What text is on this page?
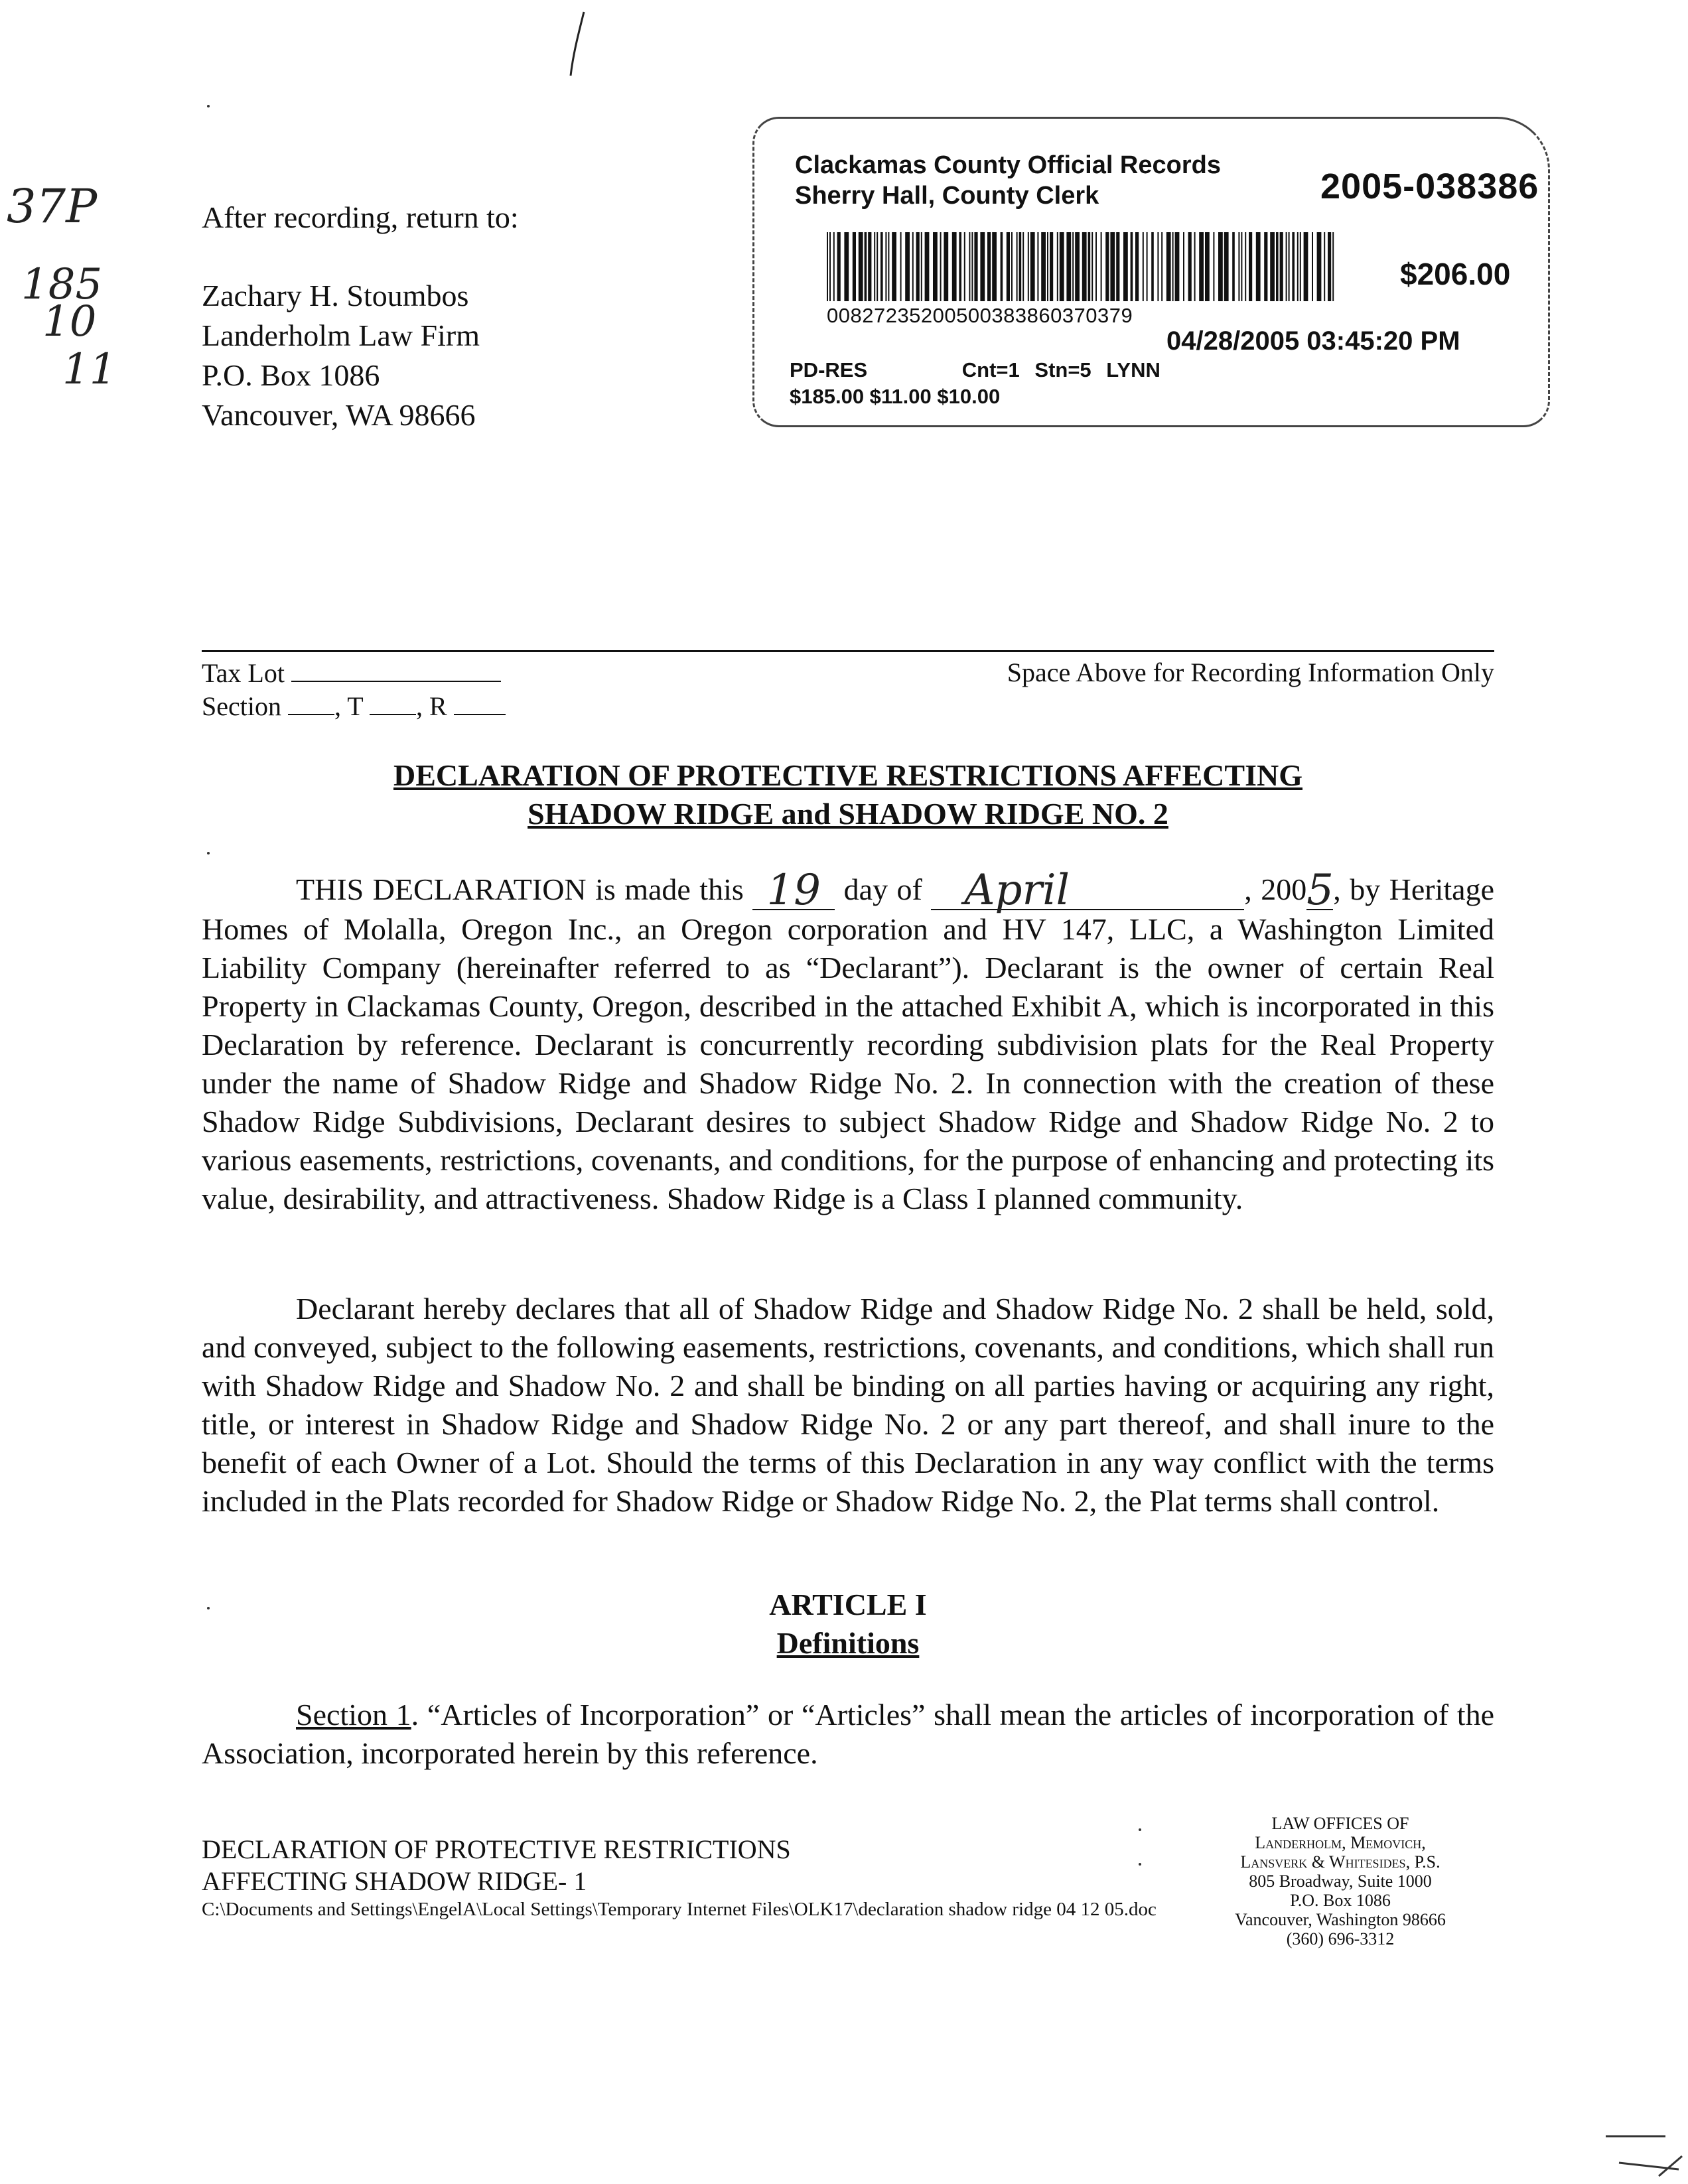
37P
185
10
11
After recording, return to:
Zachary H. Stoumbos
Landerholm Law Firm
P.O. Box 1086
Vancouver, WA 98666
Clackamas County Official Records
Sherry Hall, County Clerk	2005-038386
$206.00
00827235200500383860370379
04/28/2005 03:45:20 PM
PD-RES	Cnt=1 Stn=5 LYNN
$185.00 $11.00 $10.00
Tax Lot
Section , T , R
Space Above for Recording Information Only
DECLARATION OF PROTECTIVE RESTRICTIONS AFFECTING
SHADOW RIDGE and SHADOW RIDGE NO. 2

THIS DECLARATION is made this 19 day of April	, 200 5 , by Heritage Homes of Molalla, Oregon Inc., an Oregon corporation and HV 147, LLC, a Washington Limited Liability Company (hereinafter referred to as “Declarant”). Declarant is the owner of certain Real Property in Clackamas County, Oregon, described in the attached Exhibit A, which is incorporated in this Declaration by reference. Declarant is concurrently recording subdivision plats for the Real Property under the name of Shadow Ridge and Shadow Ridge No. 2. In connection with the creation of these Shadow Ridge Subdivisions, Declarant desires to subject Shadow Ridge and Shadow Ridge No. 2 to various easements, restrictions, covenants, and conditions, for the purpose of enhancing and protecting its value, desirability, and attractiveness. Shadow Ridge is a Class I planned community.

Declarant hereby declares that all of Shadow Ridge and Shadow Ridge No. 2 shall be held, sold, and conveyed, subject to the following easements, restrictions, covenants, and conditions, which shall run with Shadow Ridge and Shadow No. 2 and shall be binding on all parties having or acquiring any right, title, or interest in Shadow Ridge and Shadow Ridge No. 2 or any part thereof, and shall inure to the benefit of each Owner of a Lot. Should the terms of this Declaration in any way conflict with the terms included in the Plats recorded for Shadow Ridge or Shadow Ridge No. 2, the Plat terms shall control.

ARTICLE I
Definitions

Section 1. “Articles of Incorporation” or “Articles” shall mean the articles of incorporation of the Association, incorporated herein by this reference.

DECLARATION OF PROTECTIVE RESTRICTIONS
AFFECTING SHADOW RIDGE- 1
C:\Documents and Settings\EngelA\Local Settings\Temporary Internet Files\OLK17\declaration shadow ridge 04 12 05.doc
LAW OFFICES OF
Landerholm, Memovich,
Lansverk & Whitesides, P.S.
805 Broadway, Suite 1000
P.O. Box 1086
Vancouver, Washington 98666
(360) 696-3312
